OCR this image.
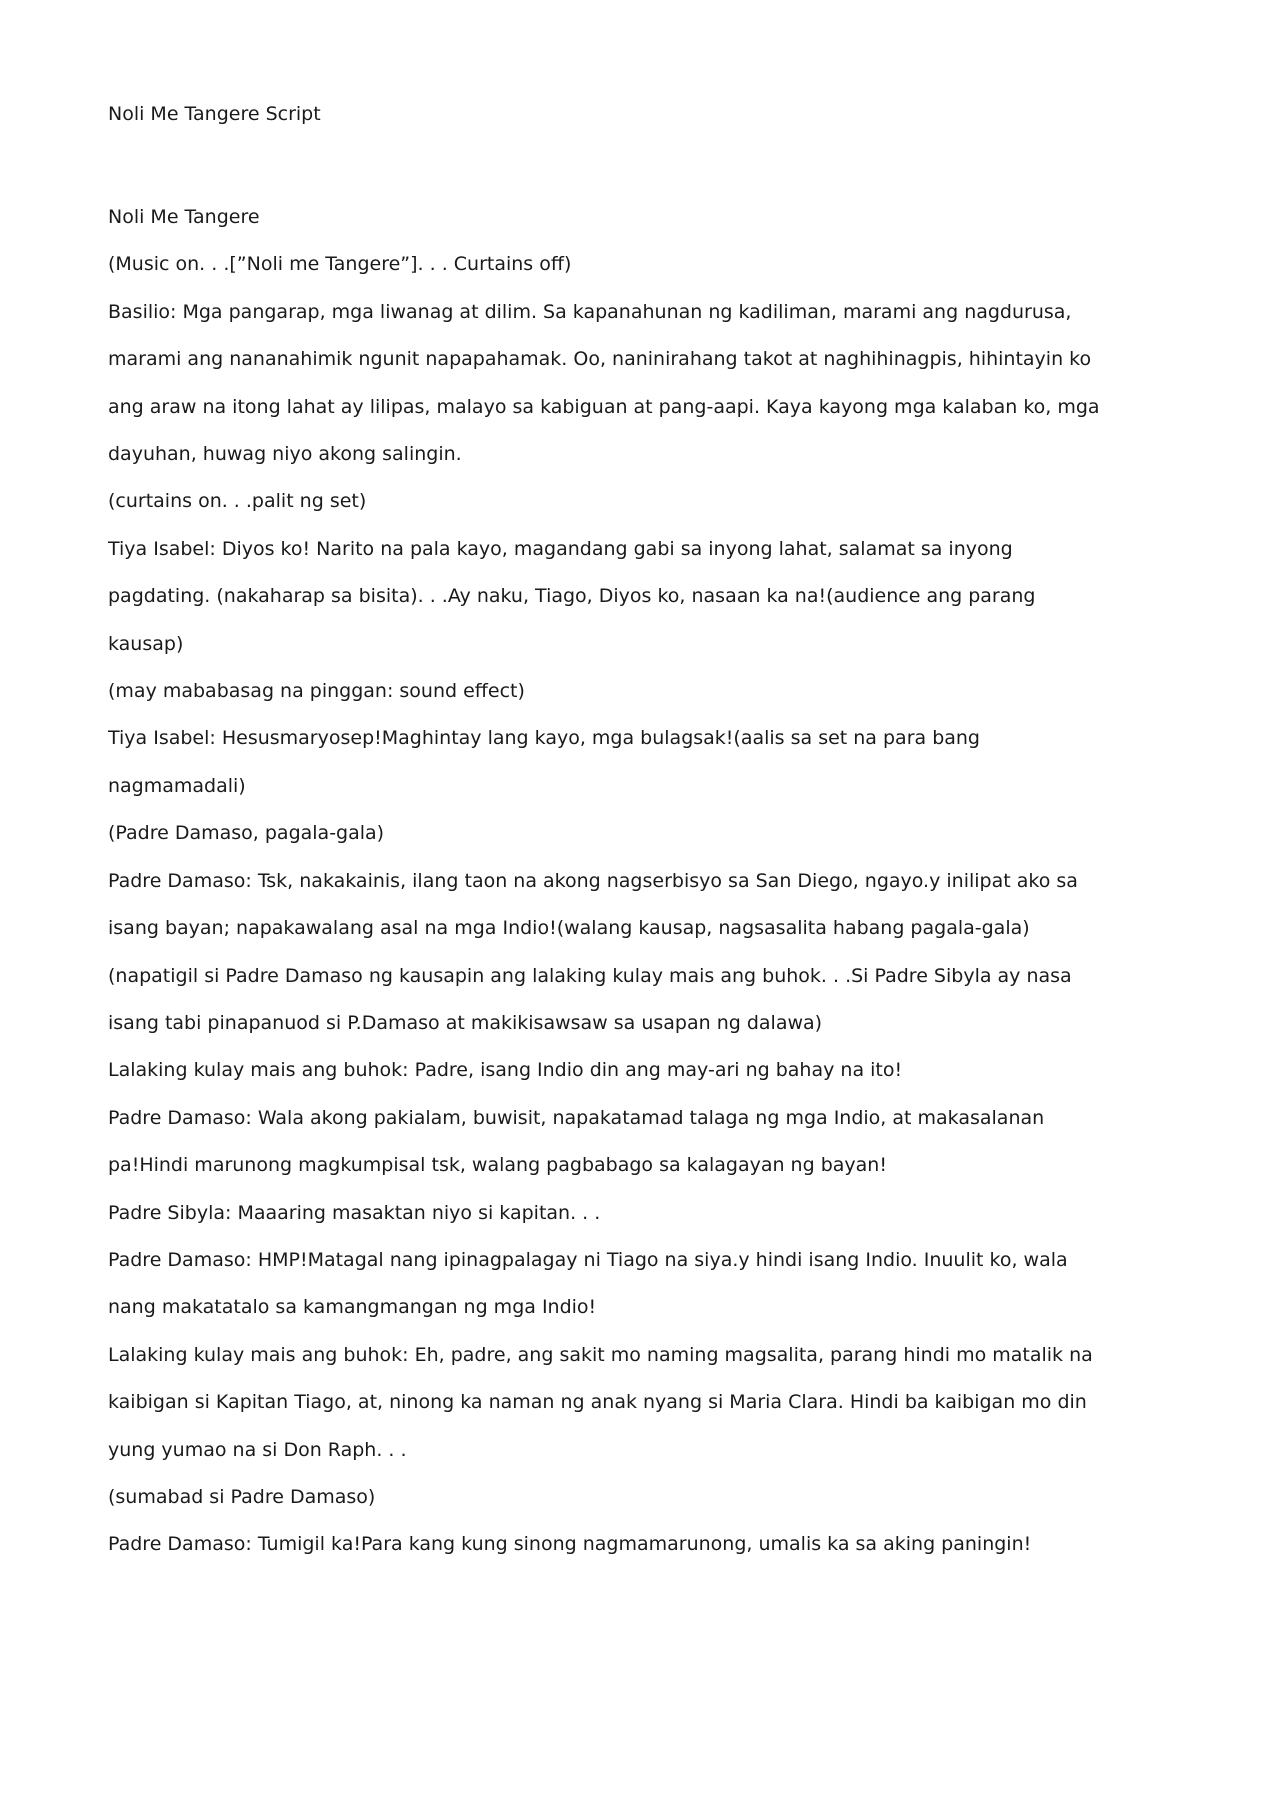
Noli Me Tangere Script
Noli Me Tangere
(Music on. . .[”Noli me Tangere”]. . . Curtains off)
Basilio: Mga pangarap, mga liwanag at dilim. Sa kapanahunan ng kadiliman, marami ang nagdurusa,
marami ang nananahimik ngunit napapahamak. Oo, naninirahang takot at naghihinagpis, hihintayin ko
ang araw na itong lahat ay lilipas, malayo sa kabiguan at pang-aapi. Kaya kayong mga kalaban ko, mga
dayuhan, huwag niyo akong salingin.
(curtains on. . .palit ng set)
Tiya Isabel: Diyos ko! Narito na pala kayo, magandang gabi sa inyong lahat, salamat sa inyong
pagdating. (nakaharap sa bisita). . .Ay naku, Tiago, Diyos ko, nasaan ka na!(audience ang parang
kausap)
(may mababasag na pinggan: sound effect)
Tiya Isabel: Hesusmaryosep!Maghintay lang kayo, mga bulagsak!(aalis sa set na para bang
nagmamadali)
(Padre Damaso, pagala-gala)
Padre Damaso: Tsk, nakakainis, ilang taon na akong nagserbisyo sa San Diego, ngayo.y inilipat ako sa
isang bayan; napakawalang asal na mga Indio!(walang kausap, nagsasalita habang pagala-gala)
(napatigil si Padre Damaso ng kausapin ang lalaking kulay mais ang buhok. . .Si Padre Sibyla ay nasa
isang tabi pinapanuod si P.Damaso at makikisawsaw sa usapan ng dalawa)
Lalaking kulay mais ang buhok: Padre, isang Indio din ang may-ari ng bahay na ito!
Padre Damaso: Wala akong pakialam, buwisit, napakatamad talaga ng mga Indio, at makasalanan
pa!Hindi marunong magkumpisal tsk, walang pagbabago sa kalagayan ng bayan!
Padre Sibyla: Maaaring masaktan niyo si kapitan. . .
Padre Damaso: HMP!Matagal nang ipinagpalagay ni Tiago na siya.y hindi isang Indio. Inuulit ko, wala
nang makatatalo sa kamangmangan ng mga Indio!
Lalaking kulay mais ang buhok: Eh, padre, ang sakit mo naming magsalita, parang hindi mo matalik na
kaibigan si Kapitan Tiago, at, ninong ka naman ng anak nyang si Maria Clara. Hindi ba kaibigan mo din
yung yumao na si Don Raph. . .
(sumabad si Padre Damaso)
Padre Damaso: Tumigil ka!Para kang kung sinong nagmamarunong, umalis ka sa aking paningin!
